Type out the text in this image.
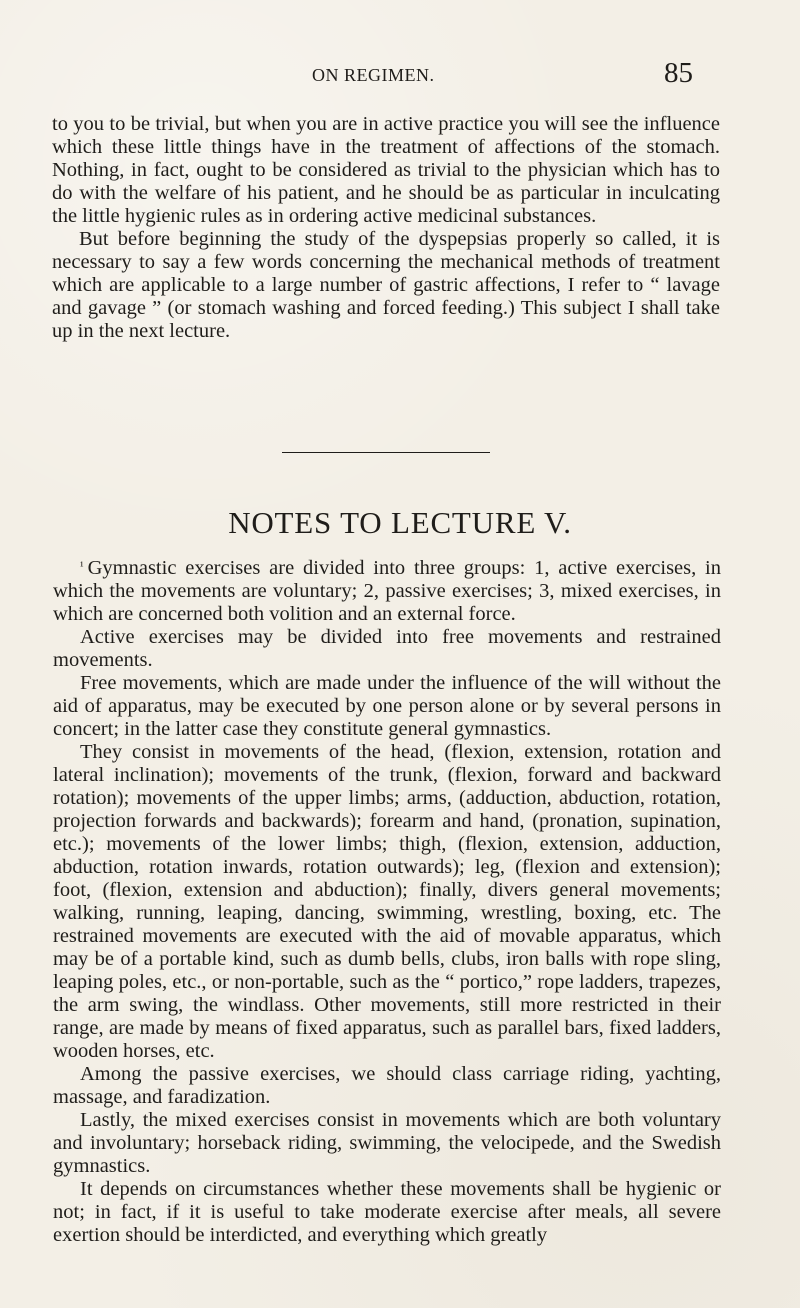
ON REGIMEN.	85

to you to be trivial, but when you are in active practice you will see the influence which these little things have in the treatment of affections of the stomach. Nothing, in fact, ought to be considered as trivial to the physician which has to do with the welfare of his patient, and he should be as particular in inculcating the little hygienic rules as in ordering active medicinal substances.

But before beginning the study of the dyspepsias properly so called, it is necessary to say a few words concerning the mechanical methods of treatment which are applicable to a large number of gastric affections, I refer to “ lavage and gavage ” (or stomach washing and forced feeding.) This subject I shall take up in the next lecture.

NOTES TO LECTURE V.

$^{^1}$ Gymnastic exercises are divided into three groups: 1, active exercises, in which the movements are voluntary; 2, passive exercises; 3, mixed exercises, in which are concerned both volition and an external force.

Active exercises may be divided into free movements and restrained movements.

Free movements, which are made under the influence of the will without the aid of apparatus, may be executed by one person alone or by several persons in concert; in the latter case they constitute general gymnastics.

They consist in movements of the head, (flexion, extension, rotation and lateral inclination); movements of the trunk, (flexion, forward and backward rotation); movements of the upper limbs; arms, (adduction, abduction, rotation, projection forwards and backwards); forearm and hand, (pronation, supination, etc.); movements of the lower limbs; thigh, (flexion, extension, adduction, abduction, rotation inwards, rotation outwards); leg, (flexion and extension); foot, (flexion, extension and abduction); finally, divers general movements; walking, running, leaping, dancing, swimming, wrestling, boxing, etc. The restrained movements are executed with the aid of movable apparatus, which may be of a portable kind, such as dumb bells, clubs, iron balls with rope sling, leaping poles, etc., or non-portable, such as the “ portico,” rope ladders, trapezes, the arm swing, the windlass. Other movements, still more restricted in their range, are made by means of fixed apparatus, such as parallel bars, fixed ladders, wooden horses, etc.

Among the passive exercises, we should class carriage riding, yachting, massage, and faradization.

Lastly, the mixed exercises consist in movements which are both voluntary and involuntary; horseback riding, swimming, the velocipede, and the Swedish gymnastics.

It depends on circumstances whether these movements shall be hygienic or not; in fact, if it is useful to take moderate exercise after meals, all severe exertion should be interdicted, and everything which greatly
